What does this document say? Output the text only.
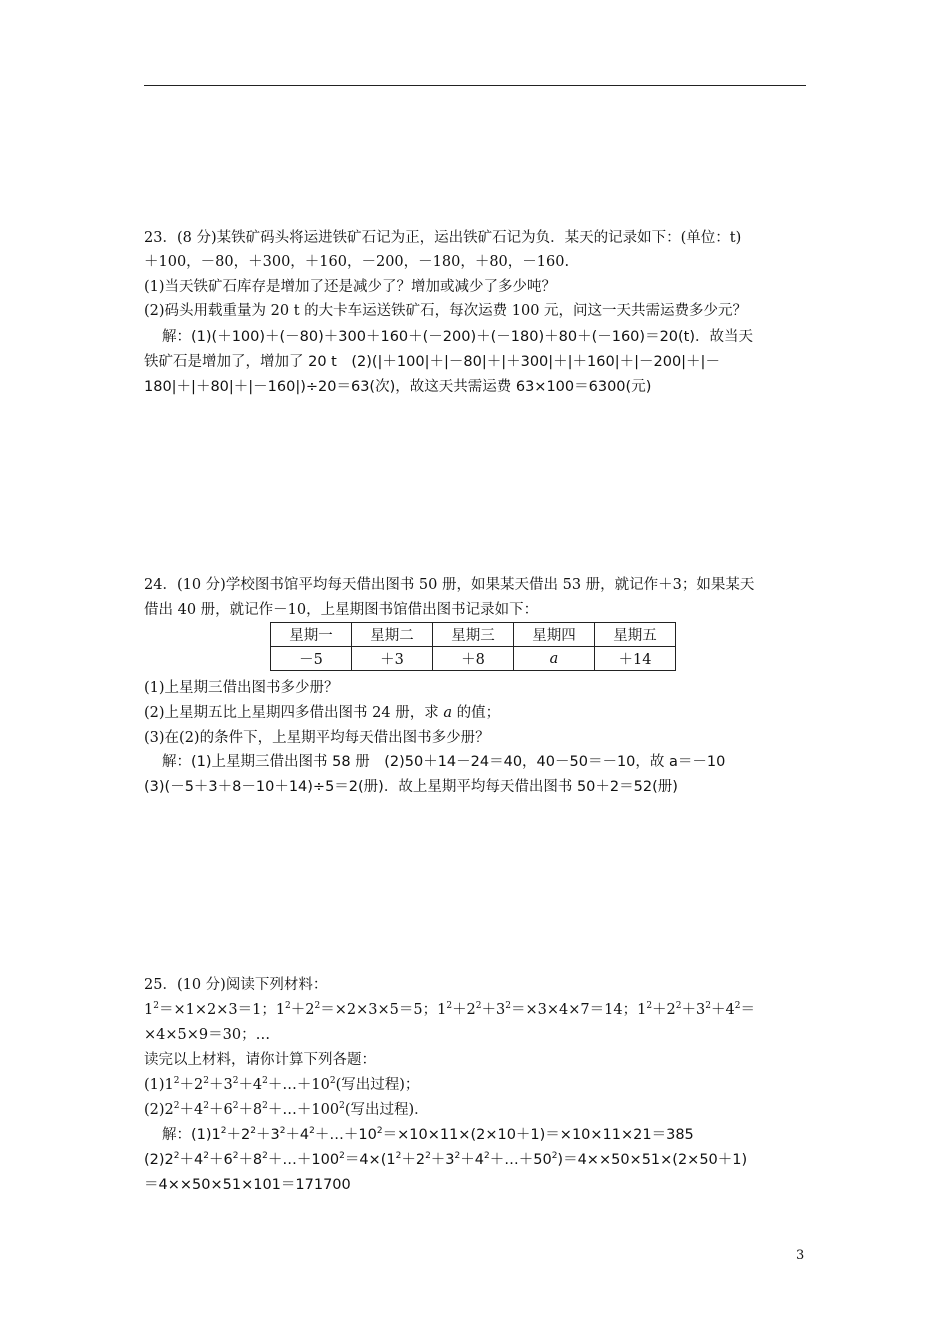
23．(8 分)某铁矿码头将运进铁矿石记为正，运出铁矿石记为负．某天的记录如下：(单位：t)
＋100，－80，＋300，＋160，－200，－180，＋80，－160.
(1)当天铁矿石库存是增加了还是减少了？增加或减少了多少吨？
(2)码头用载重量为 20 t 的大卡车运送铁矿石，每次运费 100 元，问这一天共需运费多少元？
解：(1)(＋100)＋(－80)＋300＋160＋(－200)＋(－180)＋80＋(－160)＝20(t)．故当天
铁矿石是增加了，增加了 20 t　(2)(|＋100|＋|－80|＋|＋300|＋|＋160|＋|－200|＋|－
180|＋|＋80|＋|－160|)÷20＝63(次)，故这天共需运费 63×100＝6300(元)
24．(10 分)学校图书馆平均每天借出图书 50 册，如果某天借出 53 册，就记作＋3；如果某天
借出 40 册，就记作－10，上星期图书馆借出图书记录如下：
星期一	星期二	星期三	星期四	星期五
－5	＋3	＋8	a	＋14
(1)上星期三借出图书多少册？
(2)上星期五比上星期四多借出图书 24 册，求 a 的值；
(3)在(2)的条件下，上星期平均每天借出图书多少册？
解：(1)上星期三借出图书 58 册　(2)50＋14－24＝40，40－50＝－10，故 a＝－10
(3)(－5＋3＋8－10＋14)÷5＝2(册)．故上星期平均每天借出图书 50＋2＝52(册)
25．(10 分)阅读下列材料：
$1^2=\times 1\times 2\times 3=1$；$1^2+2^2=\times 2\times 3\times 5=5$；$1^2+2^2+3^2=\times 3\times 4\times 7=14$；$1^2+2^2+3^2+4^2=$
×4×5×9＝30；…
读完以上材料，请你计算下列各题：
$(1)1^2+2^2+3^2+4^2+\dots+10^2$(写出过程)；
$(2)2^2+4^2+6^2+8^2+\dots+100^2$(写出过程)．
解：$(1)1^2+2^2+3^2+4^2+\dots+10^2=\times 10\times 11\times(2\times 10+1)=\times 10\times 11\times 21=385$
$(2)2^2+4^2+6^2+8^2+\dots+100^2=4\times(1^2+2^2+3^2+4^2+\dots+50^2)=4\times\times 50\times 51\times(2\times 50+1)$
＝4××50×51×101＝171700
3
